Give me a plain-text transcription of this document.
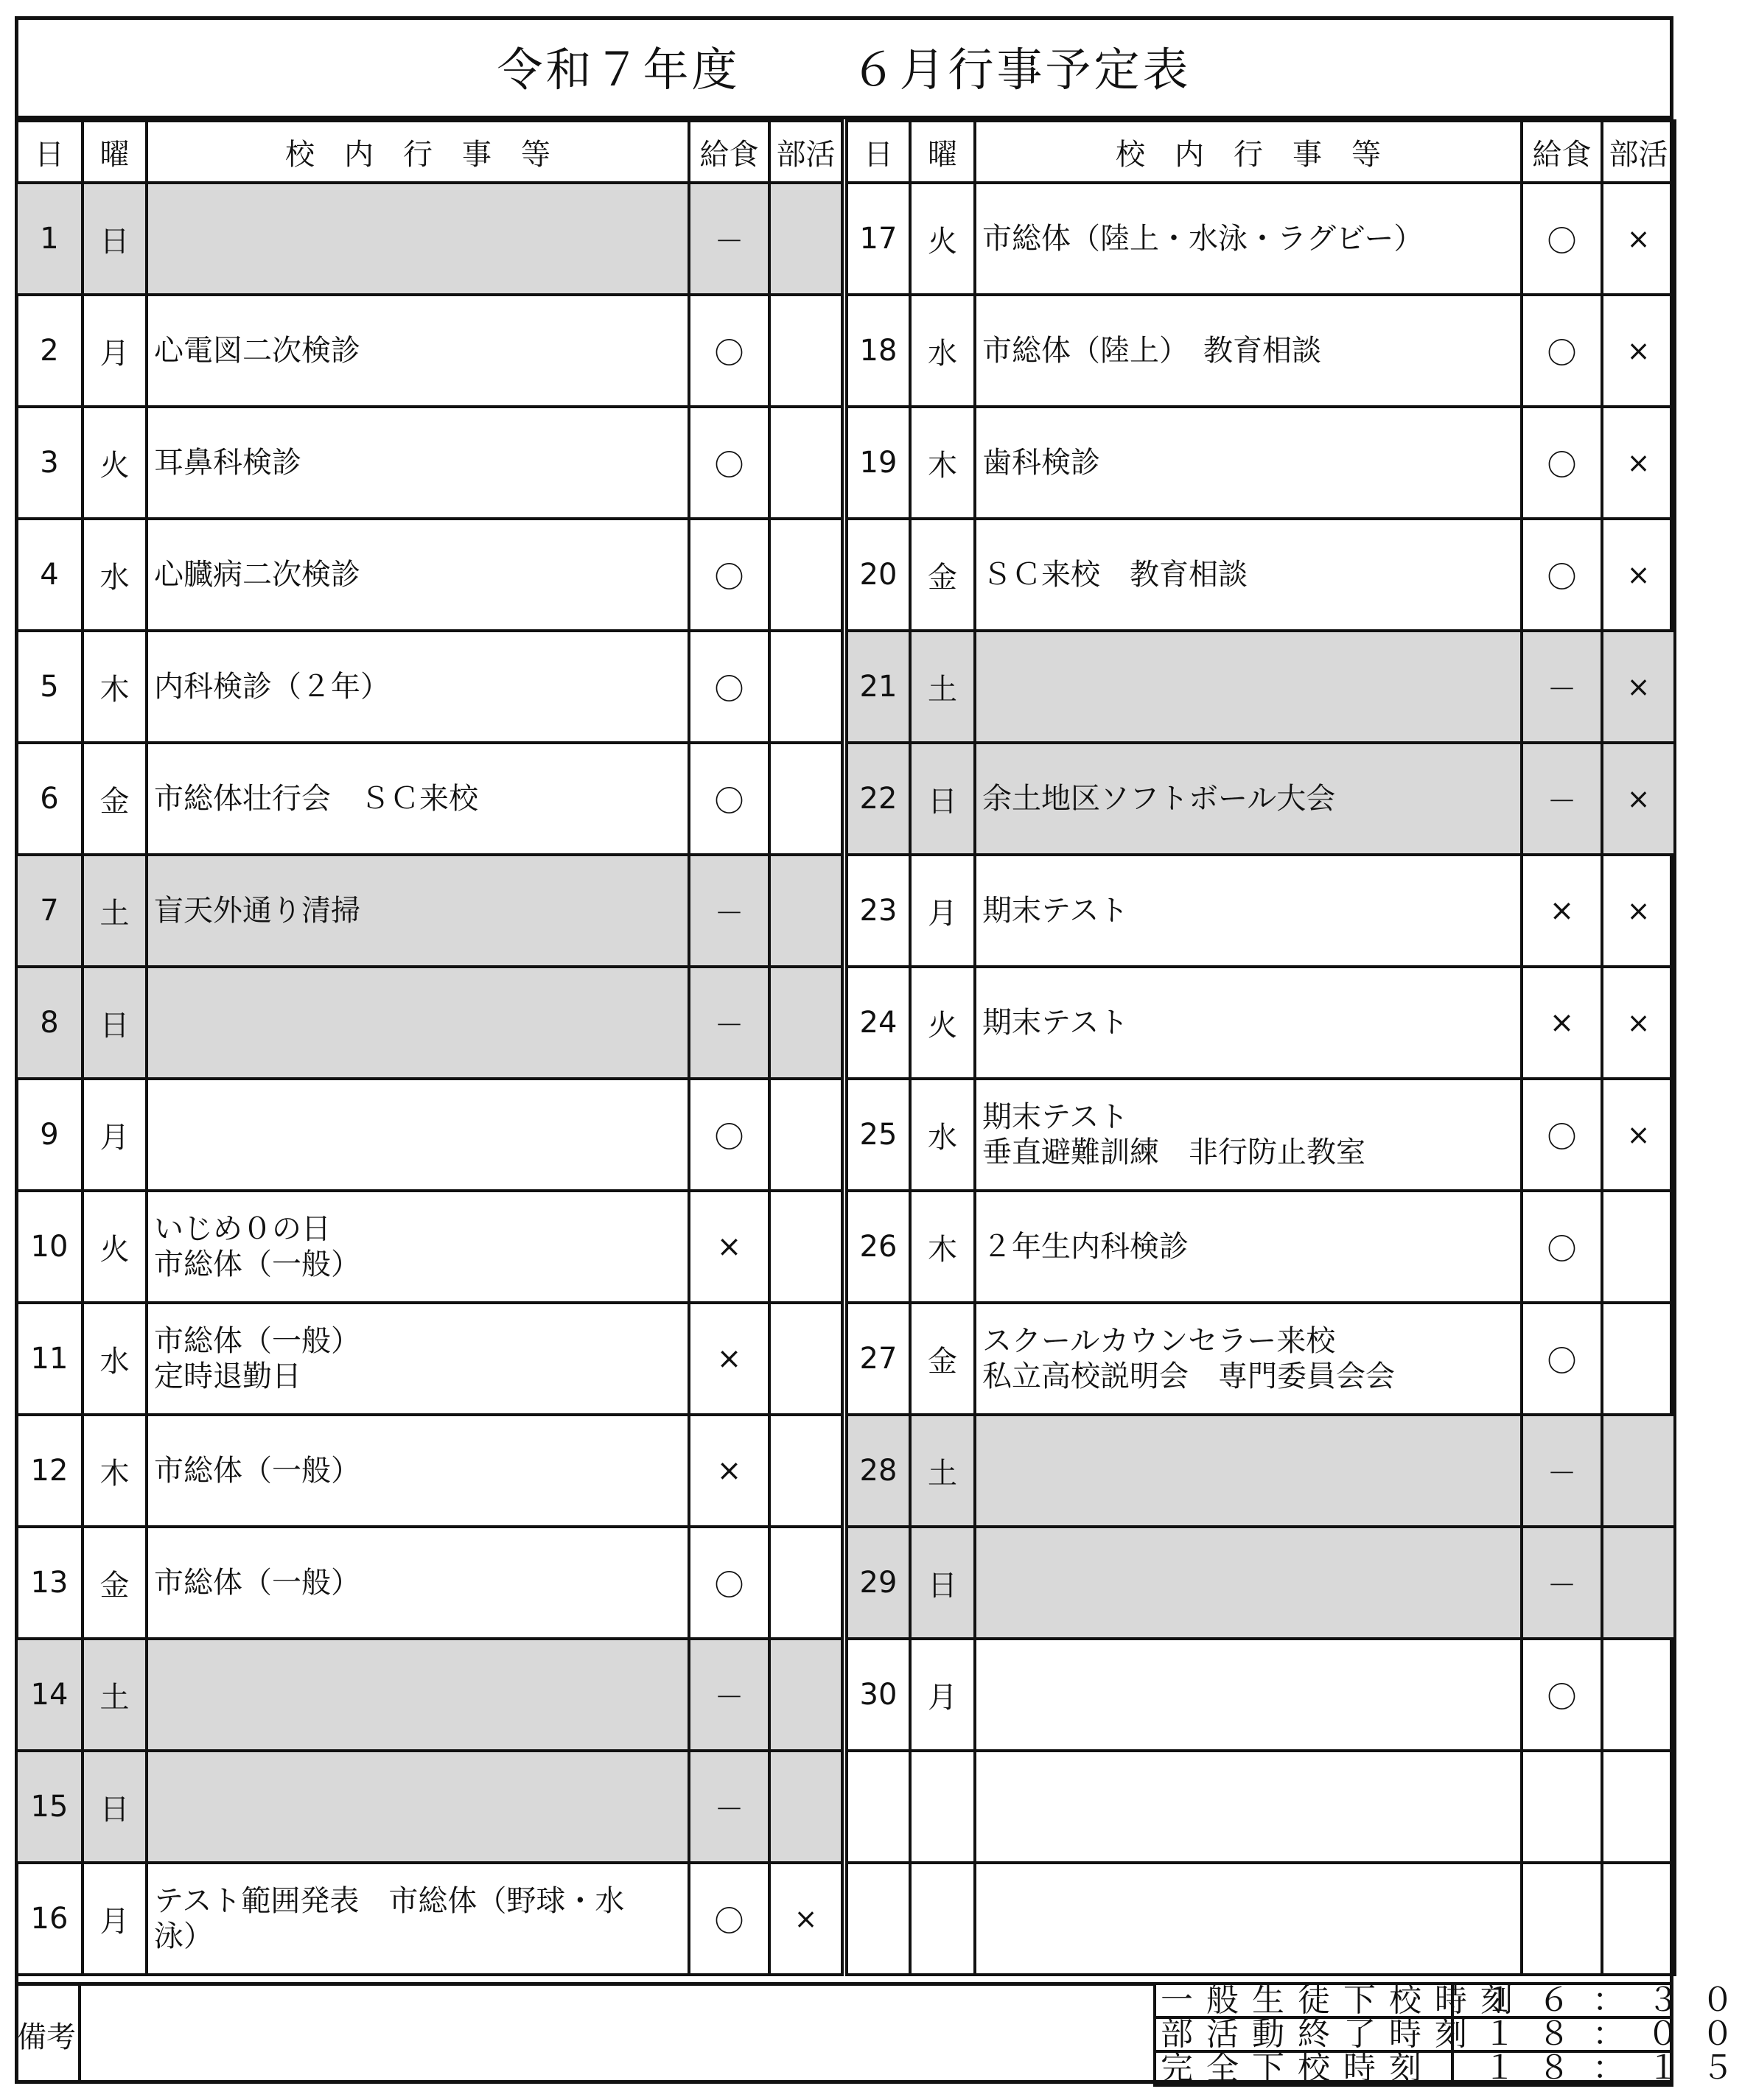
令和７年度 ６月行事予定表
日	曜	校　内　行　事　等	給食	部活
1	日		－	
2	月	心電図二次検診	〇	
3	火	耳鼻科検診	〇	
4	水	心臓病二次検診	〇	
5	木	内科検診（２年）	〇	
6	金	市総体壮行会　ＳＣ来校	〇	
7	土	盲天外通り清掃	－	
8	日		－	
9	月		〇	
10	火	いじめ０の日
市総体（一般）	×	
11	水	市総体（一般）
定時退勤日	×	
12	木	市総体（一般）	×	
13	金	市総体（一般）	〇	
14	土		－	
15	日		－	
16	月	テスト範囲発表　市総体（野球・水
泳）	〇	×
日	曜	校　内　行　事　等	給食	部活
17	火	市総体（陸上・水泳・ラグビー）	〇	×
18	水	市総体（陸上）　教育相談	〇	×
19	木	歯科検診	〇	×
20	金	ＳＣ来校　教育相談	〇	×
21	土		－	×
22	日	余土地区ソフトボール大会	－	×
23	月	期末テスト	×	×
24	火	期末テスト	×	×
25	水	期末テスト
垂直避難訓練　非行防止教室	〇	×
26	木	２年生内科検診	〇	
27	金	スクールカウンセラー来校
私立高校説明会　専門委員会会	〇	
28	土		－	
29	日		－	
30	月		〇	

備考
一般生徒下校時刻	１６：３０
部活動終了時刻	１８：００
完全下校時刻	１８：１５
